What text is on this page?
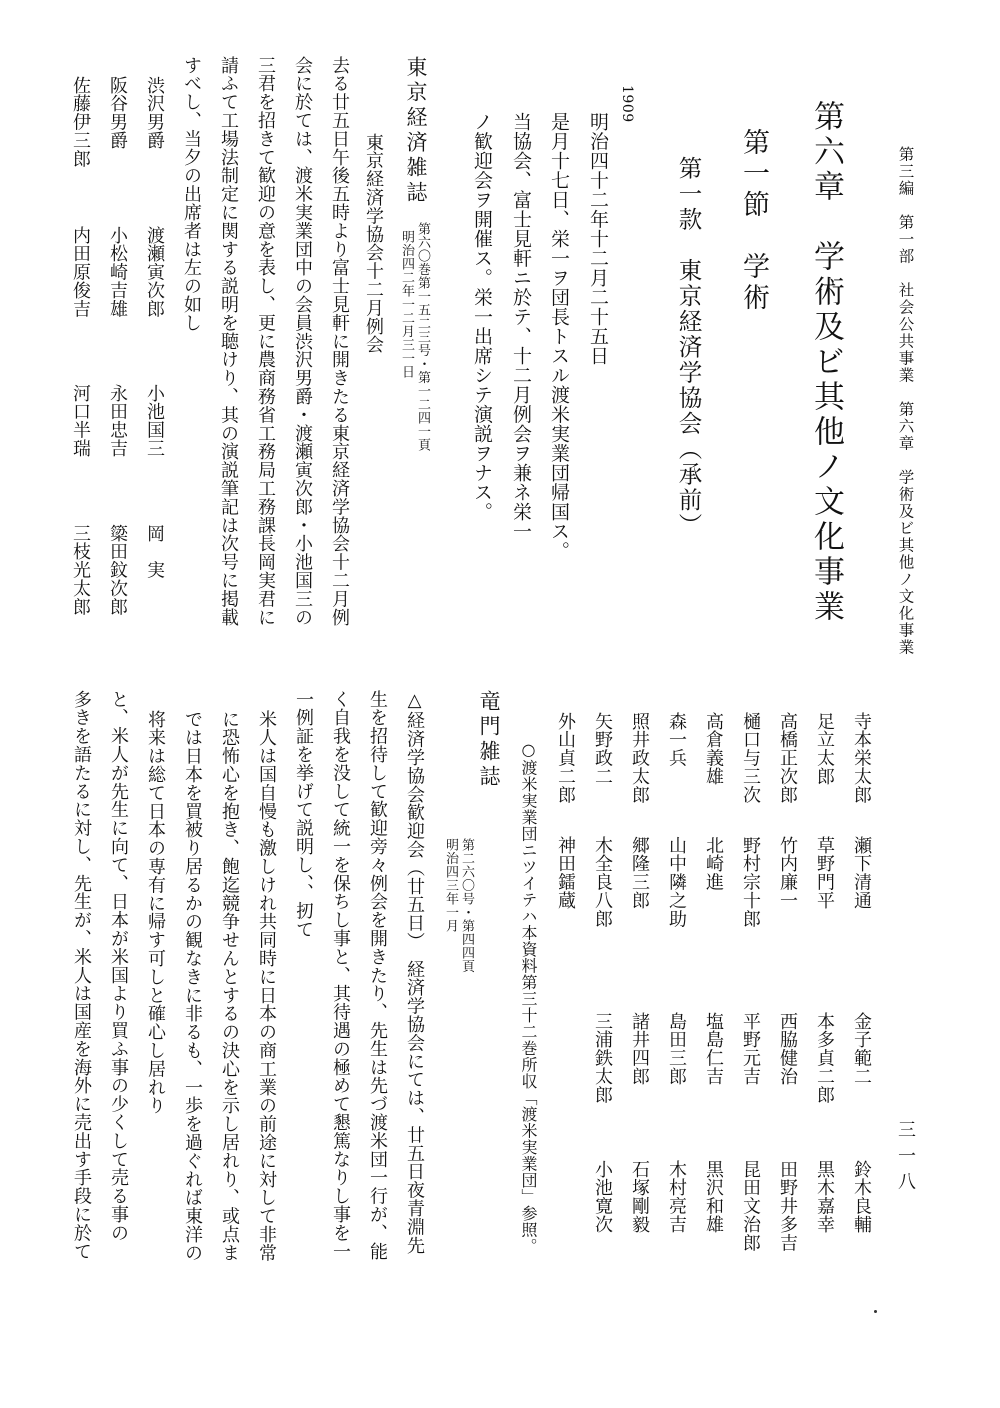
第三編　第一部　社会公共事業　第六章　学術及ビ其他ノ文化事業
三一八
第六章　学術及ビ其他ノ文化事業
第一節　学術
第一款　東京経済学協会（承前）
1909
明治四十二年十二月二十五日
是月十七日、栄一ヲ団長トスル渡米実業団帰国ス。
当協会、富士見軒ニ於テ、十二月例会ヲ兼ネ栄一
ノ歓迎会ヲ開催ス。栄一出席シテ演説ヲナス。
東京経済雑誌
第六〇巻第一五二三号・第一二四一頁
明治四二年一二月三一日
東京経済学協会十二月例会
去る廿五日午後五時より富士見軒に開きたる東京経済学協会十二月例
会に於ては、渡米実業団中の会員渋沢男爵・渡瀬寅次郎・小池国三の
三君を招きて歓迎の意を表し、更に農商務省工務局工務課長岡実君に
請ふて工場法制定に関する説明を聴けり、其の演説筆記は次号に掲載
すべし、当夕の出席者は左の如し
渋沢男爵
渡瀬寅次郎
小池国三
岡　実
阪谷男爵
小松崎吉雄
永田忠吉
簗田鈫次郎
佐藤伊三郎
内田原俊吉
河口半瑞
三枝光太郎
寺本栄太郎
瀬下清通
金子範二
鈴木良輔
足立太郎
草野門平
本多貞二郎
黒木嘉幸
高橋正次郎
竹内廉一
西脇健治
田野井多吉
樋口与三次
野村宗十郎
平野元吉
昆田文治郎
高倉義雄
北崎進
塩島仁吉
黒沢和雄
森一兵
山中隣之助
島田三郎
木村亮吉
照井政太郎
郷隆三郎
諸井四郎
石塚剛毅
矢野政二
木全良八郎
三浦鉄太郎
小池寛次
外山貞二郎
神田鐳蔵
○渡米実業団ニツイテハ本資料第三十二巻所収「渡米実業団」参照。
竜門雑誌
第二六〇号・第四四頁
明治四三年一月
△経済学協会歓迎会（廿五日）　経済学協会にては、廿五日夜青淵先
生を招待して歓迎旁々例会を開きたり、先生は先づ渡米団一行が、能
く自我を没して統一を保ちし事と、其待遇の極めて懇篤なりし事を一
一例証を挙げて説明し、、扨て
米人は国自慢も激しけれ共同時に日本の商工業の前途に対して非常
に恐怖心を抱き、飽迄競争せんとするの決心を示し居れり、或点ま
では日本を買被り居るかの観なきに非るも、一歩を過ぐれば東洋の
将来は総て日本の専有に帰す可しと確心し居れり
と、米人が先生に向て、日本が米国より買ふ事の少くして売る事の
多きを語たるに対し、先生が、米人は国産を海外に売出す手段に於て
